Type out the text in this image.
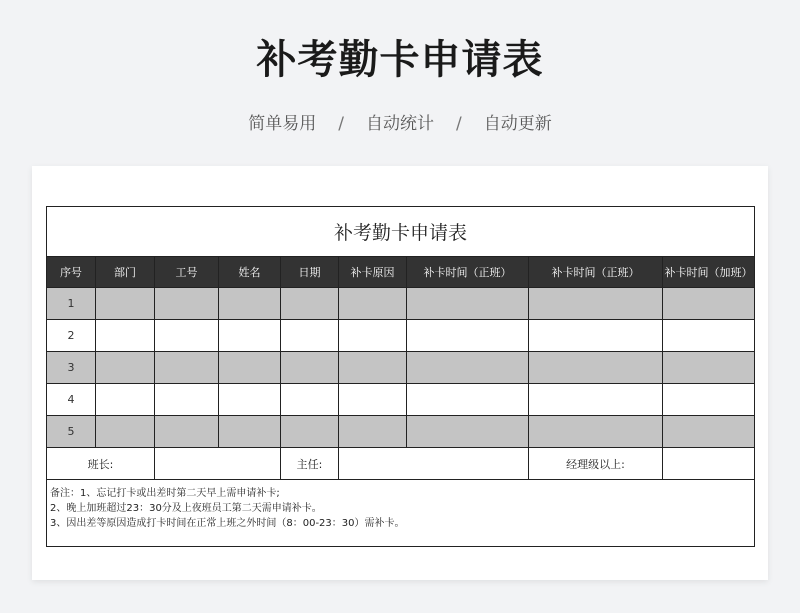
补考勤卡申请表
简单易用 / 自动统计 / 自动更新
补考勤卡申请表								
序号	部门	工号	姓名	日期	补卡原因	补卡时间（正班）	补卡时间（正班）	补卡时间（加班）
1								
2								
3								
4								
5								
班长:				主任:			经理级以上:	

备注：1、忘记打卡或出差时第二天早上需申请补卡;
2、晚上加班超过23：30分及上夜班员工第二天需申请补卡。
3、因出差等原因造成打卡时间在正常上班之外时间（8：00-23：30）需补卡。								
